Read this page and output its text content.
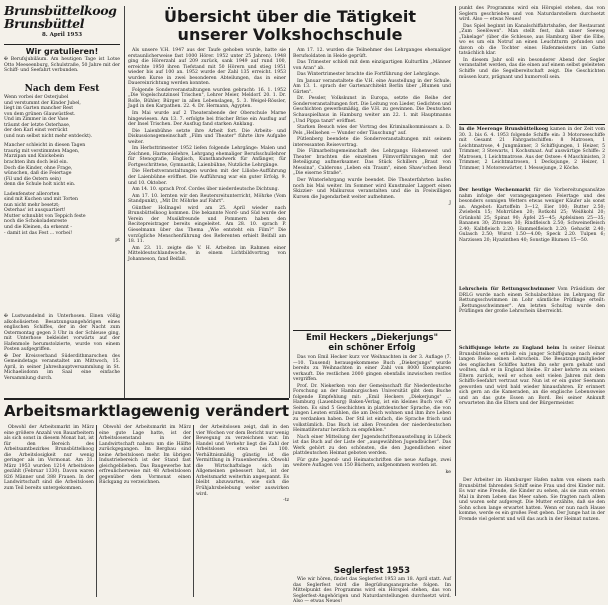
Brunsbüttelkoog
Brunsbüttel
8. April 1953
Wir gratulieren!

✠ Berufsjubiläum. Am heutigen Tage ist Lotse Otto Meeseenburg, Schulstraße, 50 Jahre mit der Schiff- und Seefahrt verbunden.

Nach dem Fest

Wenn vorbei der Osterjubel
und verstummt der Kinder Jubel,
liegt im Garten mancher Rest
von dem grünen Glauwüstfest.
Und im Zimmer in der Vase
träumt der letzte Osterhase,
der den Karl einst verrückt
(und nun selbst nicht mehr entdeckt).

Mancher schleicht in diesen Tagen
traurig mit verstimmten Magen,
Marzipan und Knickebein
brachten ihm doch leid ein.
Doch die Kinder, ohne Frage,
wünschen, daß die Feiertage
(Fil und die Ostern sein)
denn die Schule holt nicht ein.

Ladenfenster allerorten
sind mit Kuchen und mit Torten
nun nicht mehr besetzt;
Osterhas' ist ausquartiert!
Mutter schnubbt von Teppich feste
noch die Schokoladenreste
und die Kleinen, da erkennt -
- damit ist das Fest ... vorbei!

pt

✠ Lustwandelnd in Unterhosen. Einen völlig alkoholisierten Besatzungsangehörigen eines englischen Schiffes, der in der Nacht zum Ostermontag gegen 3 Uhr in der Schleuse ging, mit Unterhose bekleidet vorwärts auf der Hafenmole herumstolzierte, wurde von einem Posten aufgegriffen.

✠ Der Kreisverband Süderdithmarschen des Gemeindetags veranstaltet am Mittwoch, 15. April, in seiner Jahreshauptversammlung in St. Michaelisdonn im Saal eine einfache Versammlung durch.

Übersicht über die Tätigkeit
unserer Volkshochschule

Als unsere V.H. 1947 aus der Taufe gehoben wurde, hatte sie erstaunlicherweise fast 1000 Hörer. 1952 unter 25 Jahren). 1948 ging die Hörerzahl auf 209 zurück, sank 1949 auf rund 100, erreichte 1950 ihren Tiefstand mit 50 Hörern und stieg 1951 wieder bis auf 100 an. 1952 wurde der Zahl 135 erreicht. 1953 wurden Kurse in zwei besonderen Abteilungen, das in einer Dauereinrichtung werden konnten.

Folgende Sonderveranstaltungen wurden gebracht: 16. 1. 1952 „Die Vogelschutzinsel Trischen", Lehrer Meier, Meldorf. 20. 1. Dr. Rolle, Bühler, Bürger in allen Lebenslagen. 5. 3. Weigel-Rössler, Jagd in den Karpathen. 22. 4. Dr. Hermann, Ägypten.

Im Mai wurde auf 2 Theaterabende der Oberschule Marne hingewiesen. Am 13. 7. erfolgte bei frischer Brise ein Ausflug auf der Insel Trischen. Der Ausflug fand starken Anklang.

Die Laienbühne setzte ihre Arbeit fort. Die Arbeits- und Diskussionsgemeinschaft „Film und Theater" führte ihre Aufgabe weiter.

Im Herbsttrimester 1952 liefen folgende Lehrgänge: Malen und Zeichnen, Harmonielehre, Lehrgang ehemaliger Berufsschullehrer für Stenografie, Englisch, Kunsthandwerk für Anfänger, für Fortgeschrittene, Gymnastik, Laienbühne, Nutzliche Lehrgänge.

Die Herbstveranstaltungen wurden mit der Liliobe-Aufführung der Laienbühne eröffnet. Die Aufführung war ein guter Erfolg. 9. und 10. Oktober.

Am 14. 10. sprach Prof. Cordes über niederdeutsche Dichtung.

Am 17. 10. lernten wir den Reutersreitunterricht, Möhrke (Vom Standpunkt), „Mit Dr. Möhrke auf Fahrt".

Günther Hollnagel wird am 25. April wieder nach Brunsbüttelkoog kommen. Die bekannte Nord- und Süd wurde der Verein der Musikfreunde und Pommern haben den Recitepreistrager bereits eingeleitet. Am 28. 10. sprach P. Gieselmann über das Thema „Wie entsteht ein Film?" Die vorzügliche Menschenführung des Referenten erhielt Beifall am 18. 11.

Am 23. 11. zeigte die V. H. Arbeiten im Rahmen einer Mitteldeutschlandwoche, in einem Lichtbildvortrag von Johanneson, fand Beifall.

Am 17. 12. wurden die Teilnehmer des Lehrganges ehemaliger Berufsoldaten in Heide geprüft.

Das Trimester schloß mit dem einzigartigen Kulturfilm „Männer von Aran" ab.

Das Wintertrimester brachte die Fortführung der Lehrgänge.

Im Januar veranstaltete die V.H. eine Ausstellung in der Schule. Am 13. 1. sprach der Gartenarchitekt Berlin über „Blumen und Gärten".

Dr. Pessler, Volkskunst in Europa, setzte die Reihe der Sonderveranstaltungen fort. Die Leitung von Lieder, Gedichten und Geschichten gewerbsmäßig, die V.H. zu gewinnen. Die Deutschen Schauspielhaus in Hamburg weiter am 22. 1. mit Hauptmanns „Und Pippa tanzt" eröffnet.

Starken Besuch wies der Vortrag des Kriminalkommissars a. D. Pels „Hellsehen — Wunder oder Täuschung" auf.

Pütlenberg beendete die Sonderveranstaltungen mit seinem interessanten Reisevortrag.

Die Filmarbeitsgemeinschaft des Lehrgangs Hohenwest und Theater brachten die einzelnen Filmvorführungen mit der Beteiligung aufmerksamer. Das Stück Schillers „Braut von Messina", Calderons „Leben ein Traum", einen Shaw'schen Bend „Die eiserne Straße".

Der Winterlehrgang wurde beendet. Die Theaterfahrten laufen noch bis Mai weiter. Im Sommer wird Kunstmaler Lappert einen Skizzier- und Malkursus veranstalten und die in Freiwilligen Kursen die Jugendarbeit weiter aufnehmen.

J
Emil Heckers „Diekerjungs"
ein schöner Erfolg

Das von Emil Hecker kurz vor Weihnachten in der 3. Auflage (7.—10. Tausend) herausgekommene Buch „Diekerjungs" wurde bereits zu Weihnachten in einer Zahl von 8000 Exemplaren verkauft. Die restlichen 2000 gingen ebenfalls inzwischen restlos vergriffen.

Prof. Dr. Niekerken von der Gemeinschaft für Niederdeutsche Forschung an der Hamburgischen Universität gibt dem Buche folgende Empfehlung mit: „Emil Heckers „Diekerjungs" ... Hamburg (Lauenburg) Baken-Verlag, ist ein kleines Buch von 47 Seiten. Es sind 5 Geschichten in plattdeutscher Sprache, die von jungen Leuten erzählen, die am Deich wohnen und ihm ihre Leben zu verdanken haben. Der Stil ist einfach, die Sprache frisch und volkstümlich. Das Buch ist allen Freunden der niederdeutschen Heimatliteratur herzlich zu empfehlen."

Nach einer Mitteilung der Jugendschriftenausstellung in Lübeck ist das Buch auf der Liste der „ausgewählten Jugendbücher". Das Werk gehört zu den schönsten, die den Jugendlichen einer plattdeutschen Heimat geboten werden.

Für gute Jugend- und Heimatschriften die neue Auflage, zwei weitere Auflagen von 150 Büchern, aufgenommen worden ist.

ke
Seglerfest 1953

Wie wir hören, findet das Seglerfest 1953 am 18. April statt. Auf das Seglerfest wird die Begrüßungsansprache folgen. Im Mittelpunkt des Programms wird ein Hörspiel stehen, das von Seglerfest-Angehörigen und Naturdarstellungen durchsetzt wird. Also — etwas Neues!

punkt des Programms wird ein Hörspiel stehen, das von Seglern geschrieben und von Naturdarstellern durchsetzt wird. Also — etwas Neues!

Das Spiel beginnt im Kanalschiffahrtshafen, der Restaurant „Zum Seelöwen". Man stellt fest, daß unser Seeweg „Takelage" (über die Schleuse, aus Hamburg über die Elbe, wo es um ein Notruf an einen Leuchtturm gefunden und davon ob die Tochter eines Hafenmeisters im Gatte tatsächlich klar.

In diesem Jahr soll ein besonderer Abend der Segler veranstaltet werden, das die einen auf einem selbst geleiteten Schiffe und die Segelbereitschaft zeigt. Die Geschichten müssen kurz, prägnant und humorvoll sein.

In die Meerenge Brunsbüttelkoog kamen in der Zeit vom 30. 3. bis 6. 4. 1953 folgende Schiffe ein: 3 Motorseeschiffe mit Gesamt 21 Fahrgastschiffen: 8 Matrosen, 1 Leichtmatrose, 4 Jungmänner, 3 Schiffsjungen, 1 Heizer, 5 Trimmer, 3 Stewarts, 1 Kochsmaat. Auf auswärtige Schiffe: 2 Matrosen, 1 Leichtmatrose. Aus der Ostsee: 4 Maschinisten, 3 Trimmer, 2 Leichtmatrosen, 1 Decksjunge, 2 Heizer, 1 Trimmer, 1 Motorenwärter, 1 Messejunge, 2 Köche.

Der heutige Wochenmarkt für die Vorbereitungsansätze nahm infolge der vorangegangenen Feiertage und des besonders sonnigen Wetters etwas weniger Käufer als sonst an. Angebot: Kartoffeln 3—12, Eier 100; Butter 2.50; Zwiebeln 15; Mohrrüben 20; Rotkohl 25; Weißkohl 20; Grünkohl 25; Spinat 90; Äpfel 25—45; Apfelsinen 25—35; Bananen 30; Zitronen 30; Rindfleisch 2.50; Schweinefleisch 2.40; Kalbfleisch 2.20; Hammelfleisch 2.20; Gehackt 2.40; Gulasch 2.50; Wurst 1.50—4.00; Speck 2.20. Tulpen 6; Narzissen 20; Hyazinthen 40; Sonstige Blumen 15—50.

Lehrschein für Rettungsschwimmer Vom Präsidium der DRLG wurde nach einem Schulabschluss im Lehrgang für Rettungsschwimmen im Lohr sämtliche Prüflinge erteilt: „Rettungsschwimmer". Am letzten Schultag wurde den Prüflingen der große Lehrschein überreicht.

Schiffsjunge lehrte zu England heim In seiner Heimat Brunsbüttelkoog erhielt ein junger Schiffsjunge nach einer langen Reise seinen Lehrschein. Die Besatzungsmitglieder des englischen Schiffes hatten ihn sehr gern gehabt und wollten, daß er in England bleibe. Er aber kehrte zu seinen Eltern zurück, weil er schon seit vielen Jahren mit dem Schiffs-Seefahrt vertraut war. Nun ist er ein guter Seemann geworden und wird bald wieder hinausfahren. Er erinnert sich gern an die Kameraden, an die englische Lebensweise und an das gute Essen an Bord. Bei seiner Ankunft erwarteten ihn die Eltern und der Bürgermeister.

Der Arbeiter im Hamburger Hafen nahm von einem nach Brunsbüttel fahrenden Schiff seine Frau und drei Kinder mit. Es war eine Freude, die Kinder zu sehen, als sie zum ersten Mal in ihrem Leben das Meer sahen. Sie fragten nach allem und waren sehr aufgeregt. Die Mutter erzählte, daß sie den Sohn schon lange erwartet hatten. Wenn er nun nach Hause komme, werde es ein großes Fest geben. Der Junge hat in der Fremde viel gelernt und will das auch in der Heimat nutzen.

Arbeitsmarktlage
wenig verändert

Obwohl der Arbeitsmarkt im März eine größere Anzahl von Bauarbeitern als sich sonst in diesem Monat hat, ist für den Bereich des Arbeitsamtbezirkes Brunsbüttelkoog die Arbeitslosigkeit nur wenig geringer als im Vormonat. Am 31. März 1953 wurden 1214 Arbeitslose gezählt (Februar 1330). Davon waren 826 Männer und 388 Frauen. In der Landwirtschaft sind die Arbeitslosen zum Teil bereits untergekommen.

Obwohl der Arbeitsmarkt im März eine gute Lage hatte, ist der Arbeitslosenstand in der Landwirtschaft nahezu um die Hälfte zurückgegangen. Im Bergbau sind keine Arbeitslosen mehr. Im übrigen Industriebereich ist der Stand fast gleichgeblieben. Das Baugewerbe hat erfreulicherweise mit 48 Arbeitslosen gegenüber dem Vormonat einen Rückgang zu verzeichnen.

der Arbeitslosen zeigt, daß in den vier Wochen vor dem Bericht nur wenig Bewegung zu verzeichnen war. Im Handel und Verkehr liegt die Zahl der Arbeitslosen etwa bei 100. Verhältnismäßig günstig ist die Vermittlung in Frauenberufen. Obwohl die Wirtschaftslage sich im Allgemeinen gebessert hat, ist der Arbeitsmarkt weiterhin angespannt. Es bleibt abzuwarten, wie sich die Frühjahrsbelebung weiter auswirken wird.

-tz
